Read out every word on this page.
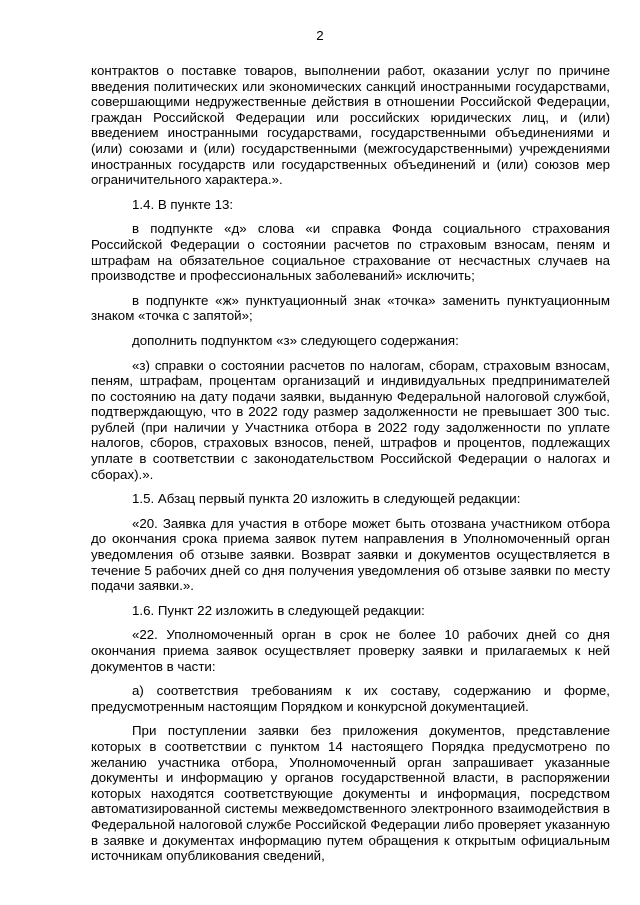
2

контрактов о поставке товаров, выполнении работ, оказании услуг по причине введения политических или экономических санкций иностранными государствами, совершающими недружественные действия в отношении Российской Федерации, граждан Российской Федерации или российских юридических лиц, и (или) введением иностранными государствами, государственными объединениями и (или) союзами и (или) государственными (межгосударственными) учреждениями иностранных государств или государственных объединений и (или) союзов мер ограничительного характера.».

1.4. В пункте 13:

в подпункте «д» слова «и справка Фонда социального страхования Российской Федерации о состоянии расчетов по страховым взносам, пеням и штрафам на обязательное социальное страхование от несчастных случаев на производстве и профессиональных заболеваний» исключить;

в подпункте «ж» пунктуационный знак «точка» заменить пунктуационным знаком «точка с запятой»;

дополнить подпунктом «з» следующего содержания:

«з) справки о состоянии расчетов по налогам, сборам, страховым взносам, пеням, штрафам, процентам организаций и индивидуальных предпринимателей по состоянию на дату подачи заявки, выданную Федеральной налоговой службой, подтверждающую, что в 2022 году размер задолженности не превышает 300 тыс. рублей (при наличии у Участника отбора в 2022 году задолженности по уплате налогов, сборов, страховых взносов, пеней, штрафов и процентов, подлежащих уплате в соответствии с законодательством Российской Федерации о налогах и сборах).».

1.5. Абзац первый пункта 20 изложить в следующей редакции:

«20. Заявка для участия в отборе может быть отозвана участником отбора до окончания срока приема заявок путем направления в Уполномоченный орган уведомления об отзыве заявки. Возврат заявки и документов осуществляется в течение 5 рабочих дней со дня получения уведомления об отзыве заявки по месту подачи заявки.».

1.6. Пункт 22 изложить в следующей редакции:

«22. Уполномоченный орган в срок не более 10 рабочих дней со дня окончания приема заявок осуществляет проверку заявки и прилагаемых к ней документов в части:

а) соответствия требованиям к их составу, содержанию и форме, предусмотренным настоящим Порядком и конкурсной документацией.

При поступлении заявки без приложения документов, представление которых в соответствии с пунктом 14 настоящего Порядка предусмотрено по желанию участника отбора, Уполномоченный орган запрашивает указанные документы и информацию у органов государственной власти, в распоряжении которых находятся соответствующие документы и информация, посредством автоматизированной системы межведомственного электронного взаимодействия в Федеральной налоговой службе Российской Федерации либо проверяет указанную в заявке и документах информацию путем обращения к открытым официальным источникам опубликования сведений,
